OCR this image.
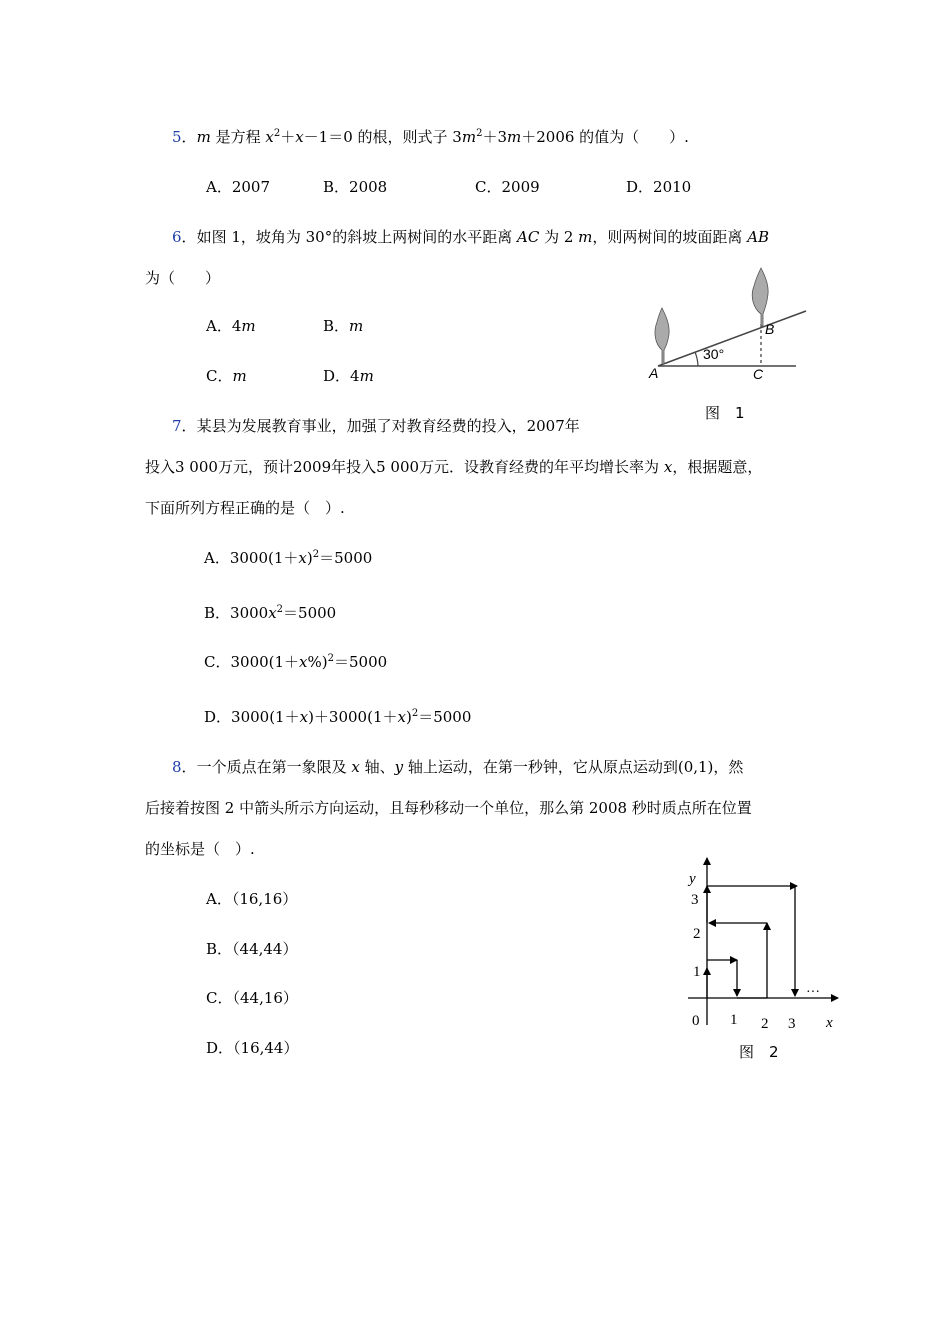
5．m 是方程 $x^2+x-1=0$ 的根，则式子 $3m^2+3m+2006$ 的值为（　　）.
A．2007	B．2008	C．2009	D．2010
6．如图 1，坡角为 30°的斜坡上两树间的水平距离 AC 为 2 m，则两树间的坡面距离 AB
为（　　）
A．4m	B．m
C．m	D．4m	A
B
C
30°
图　1
7．某县为发展教育事业，加强了对教育经费的投入，2007年
投入3 000万元，预计2009年投入5 000万元．设教育经费的年平均增长率为 x，根据题意，
下面所列方程正确的是（　）.
A．$3000(1+x)^2=5000$
B．$3000x^2=5000$
C．$3000(1+x\%)^2=5000$
D．$3000(1+x)+3000(1+x)^2=5000$
8．一个质点在第一象限及 x 轴、y 轴上运动，在第一秒钟，它从原点运动到(0,1)，然
后接着按图 2 中箭头所示方向运动，且每秒移动一个单位，那么第 2008 秒时质点所在位置
的坐标是（　）.
A．（16,16）
B．（44,44）
C．（44,16）
D．（16,44）
y
x
0 1 2 3
1
2
3
···
图　2
